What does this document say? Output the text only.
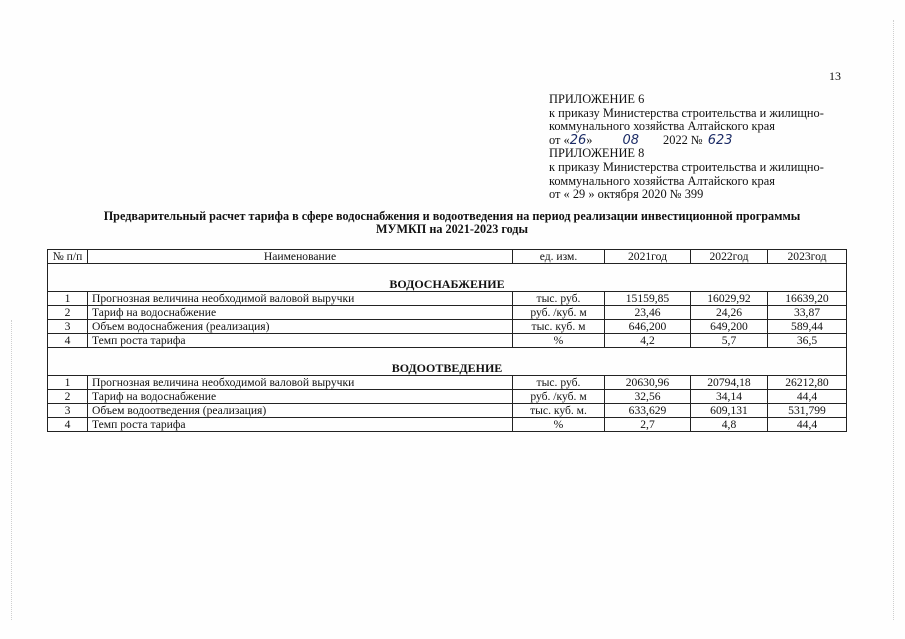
13
ПРИЛОЖЕНИЕ 6
к приказу Министерства строительства и жилищно-
коммунального хозяйства Алтайского края
от «26» 08 2022 № 623
ПРИЛОЖЕНИЕ 8
к приказу Министерства строительства и жилищно-
коммунального хозяйства Алтайского края
от « 29 » октября 2020 № 399
Предварительный расчет тарифа в сфере водоснабжения и водоотведения на период реализации инвестиционной программы
МУМКП на 2021-2023 годы
№ п/п	Наименование	ед. изм.	2021год	2022год	2023год
ВОДОСНАБЖЕНИЕ					
1	Прогнозная величина необходимой валовой выручки	тыс. руб.	15159,85	16029,92	16639,20
2	Тариф на водоснабжение	руб. /куб. м	23,46	24,26	33,87
3	Объем водоснабжения (реализация)	тыс. куб. м	646,200	649,200	589,44
4	Темп роста тарифа	%	4,2	5,7	36,5
ВОДООТВЕДЕНИЕ					
1	Прогнозная величина необходимой валовой выручки	тыс. руб.	20630,96	20794,18	26212,80
2	Тариф на водоснабжение	руб. /куб. м	32,56	34,14	44,4
3	Объем водоотведения (реализация)	тыс. куб. м.	633,629	609,131	531,799
4	Темп роста тарифа	%	2,7	4,8	44,4
